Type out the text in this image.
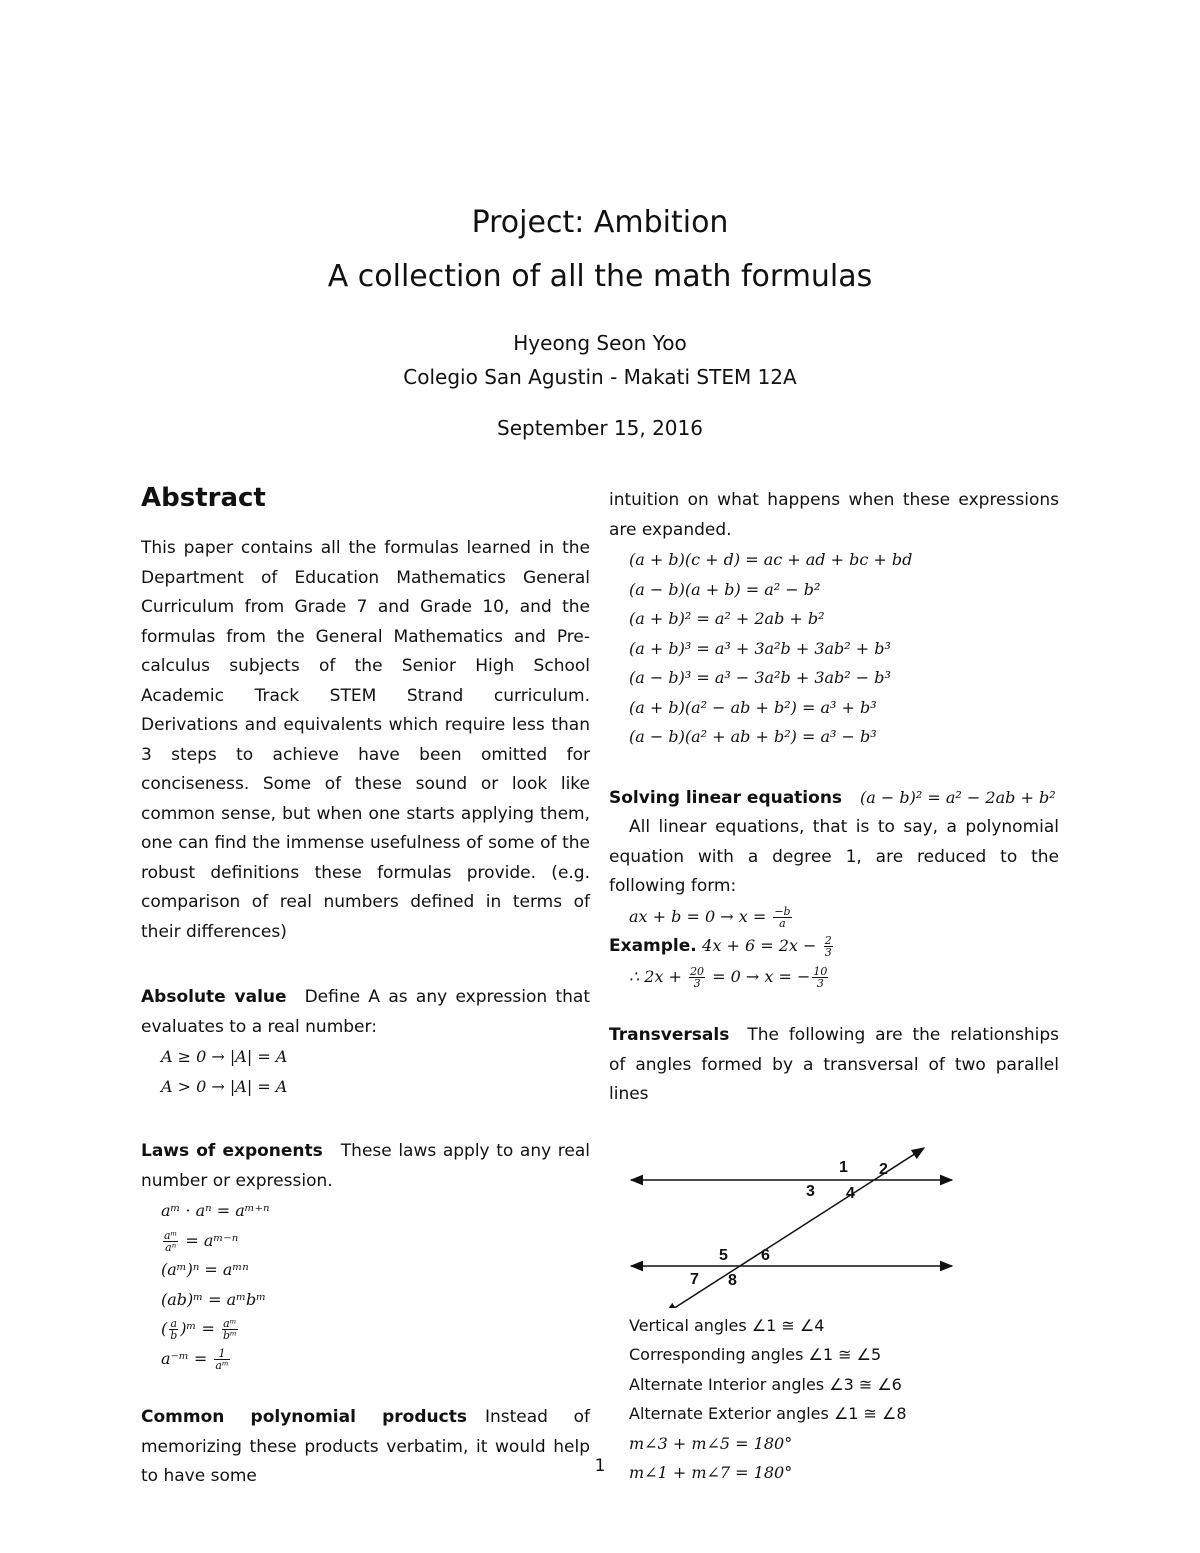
Project: Ambition
A collection of all the math formulas
Hyeong Seon Yoo
Colegio San Agustin - Makati STEM 12A
September 15, 2016
Abstract

This paper contains all the formulas learned in the Department of Education Mathematics General Curriculum from Grade 7 and Grade 10, and the formulas from the General Mathematics and Pre-calculus subjects of the Senior High School Academic Track STEM Strand curriculum. Derivations and equivalents which require less than 3 steps to achieve have been omitted for conciseness. Some of these sound or look like common sense, but when one starts applying them, one can find the immense usefulness of some of the robust definitions these formulas provide. (e.g. comparison of real numbers defined in terms of their differences)

Absolute value Define A as any expression that evaluates to a real number:

A ≥ 0 → |A| = A

A > 0 → |A| = A

Laws of exponents These laws apply to any real number or expression.

aᵐ · aⁿ = aᵐ⁺ⁿ

$\frac{\text{aᵐ}}{\text{aⁿ}}$ = aᵐ⁻ⁿ

(aᵐ)ⁿ = aᵐⁿ

(ab)ᵐ = aᵐbᵐ

( $\frac{a}{b}$ )ᵐ = $\frac{\text{aᵐ}}{\text{bᵐ}}$

a⁻ᵐ = $\frac{1}{\text{aᵐ}}$

Common polynomial products Instead of memorizing these products verbatim, it would help to have some

intuition on what happens when these expressions are expanded.

(a + b)(c + d) = ac + ad + bc + bd

(a − b)(a + b) = a² − b²

(a + b)² = a² + 2ab + b²

(a + b)³ = a³ + 3a²b + 3ab² + b³

(a − b)³ = a³ − 3a²b + 3ab² − b³

(a + b)(a² − ab + b²) = a³ + b³

(a − b)(a² + ab + b²) = a³ − b³

Solving linear equations (a − b)² = a² − 2ab + b²

All linear equations, that is to say, a polynomial equation with a degree 1, are reduced to the following form:

ax + $b = 0 \to x = \frac{-b}{a}$

Example. $4x + 6 = 2x - \frac{2}{3}$

∴ $2x + \frac{20}{3} = 0 \to x$ = − $\frac{10}{3}$

Transversals The following are the relationships of angles formed by a transversal of two parallel lines

1 2
3 4
5 6
7 8

Vertical angles ∠1 ≅ ∠4

Corresponding angles ∠1 ≅ ∠5

Alternate Interior angles ∠3 ≅ ∠6

Alternate Exterior angles ∠1 ≅ ∠8

m∠3 + m∠5 = 180°

m∠1 + m∠7 = 180°

1
